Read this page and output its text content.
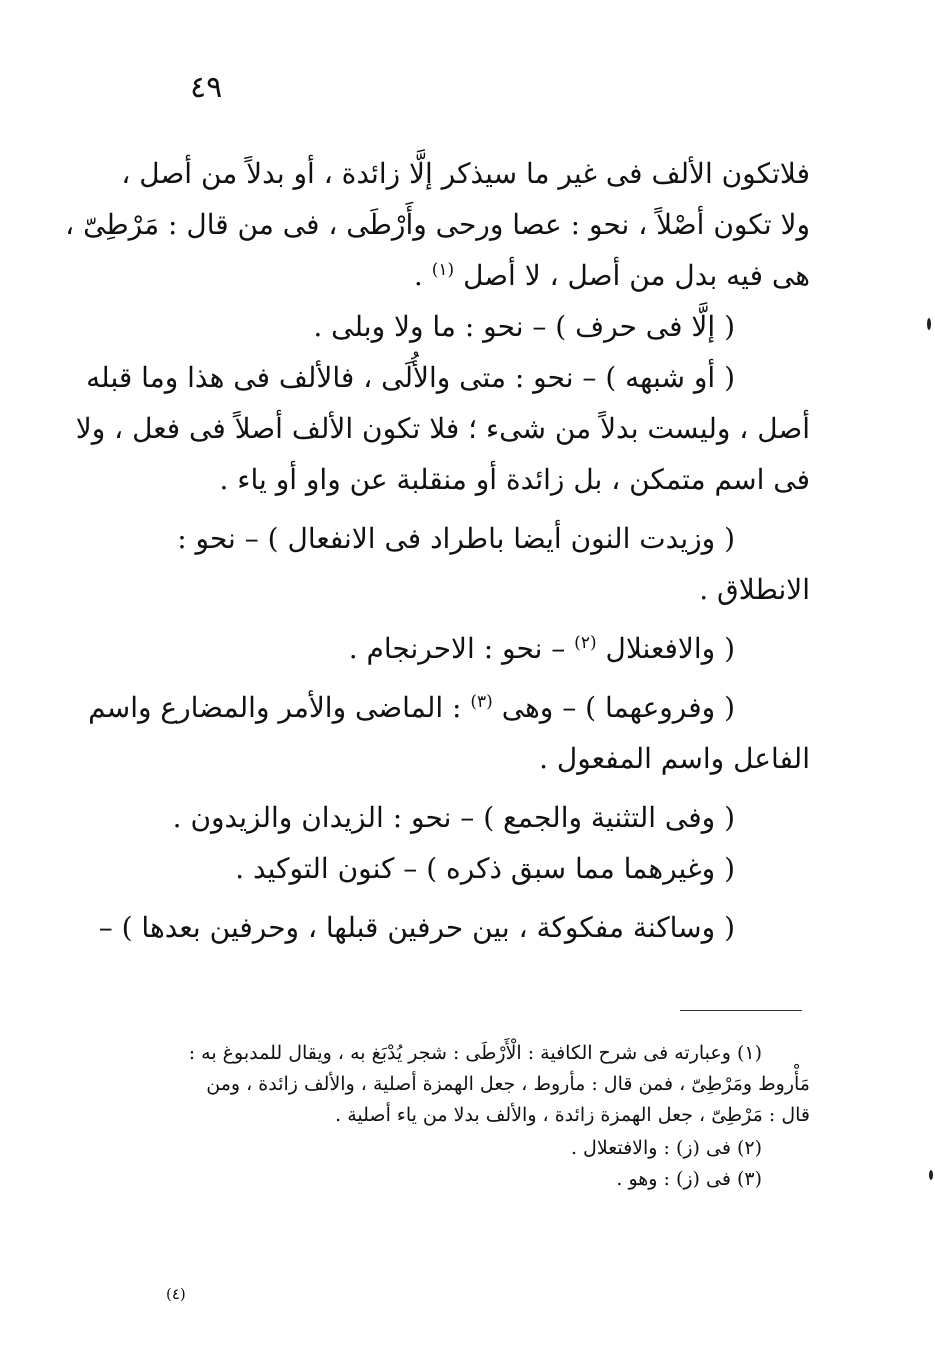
٤٩
فلاتكون الألف فى غير ما سيذكر إلَّا زائدة ، أو بدلاً من أصل ،
ولا تكون أصْلاً ، نحو : عصا ورحى وأَرْطَى ، فى من قال : مَرْطِىّ ،
هى فيه بدل من أصل ، لا أصل $^{(١)}$ .
( إلَّا فى حرف ) – نحو : ما ولا وبلى .
( أو شبهه ) – نحو : متى والأُلَى ، فالألف فى هذا وما قبله
أصل ، وليست بدلاً من شىء ؛ فلا تكون الألف أصلاً فى فعل ، ولا
فى اسم متمكن ، بل زائدة أو منقلبة عن واو أو ياء .
( وزيدت النون أيضا باطراد فى الانفعال ) – نحو :
الانطلاق .
( والافعنلال $^{(٢)}$ – نحو : الاحرنجام .
( وفروعهما ) – وهى $^{(٣)}$ : الماضى والأمر والمضارع واسم
الفاعل واسم المفعول .
( وفى التثنية والجمع ) – نحو : الزيدان والزيدون .
( وغيرهما مما سبق ذكره ) – كنون التوكيد .
( وساكنة مفكوكة ، بين حرفين قبلها ، وحرفين بعدها ) –
(١) وعبارته فى شرح الكافية : الْأَرْطَى : شجر يُدْبَغ به ، ويقال للمدبوغ به :
مَأْروط ومَرْطِىّ ، فمن قال : مأروط ، جعل الهمزة أصلية ، والألف زائدة ، ومن
قال : مَرْطِىّ ، جعل الهمزة زائدة ، والألف بدلا من ياء أصلية .
(٢) فى (ز) : والافتعلال .
(٣) فى (ز) : وهو .
(٤)
